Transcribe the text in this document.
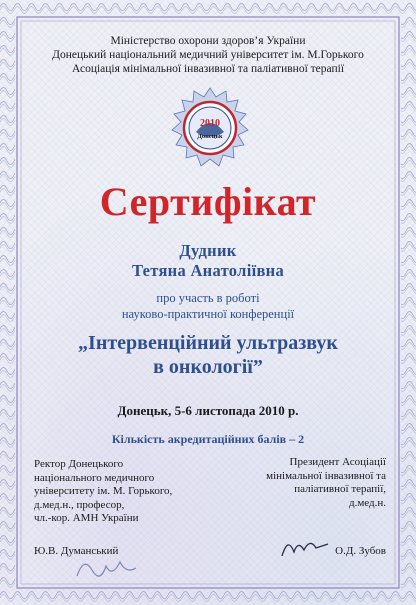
Міністерство охорони здоров’я України
Донецький національний медичний університет ім. М.Горького
Асоціація мінімальної інвазивної та паліативної терапії
2010
Донецьк
Сертифікат
Дудник
Тетяна Анатоліївна
про участь в роботі
науково-практичної конференції
„Інтервенційний ультразвук
в онкології”
Донецьк, 5-6 листопада 2010 р.
Кількість акредитаційних балів – 2
Ректор Донецького
національного медичного
університету ім. М. Горького,
д.мед.н., професор,
чл.-кор. АМН України
Президент Асоціації
мінімальної інвазивної та
паліативної терапії,
д.мед.н.
Ю.В. Думанський	О.Д. Зубов
